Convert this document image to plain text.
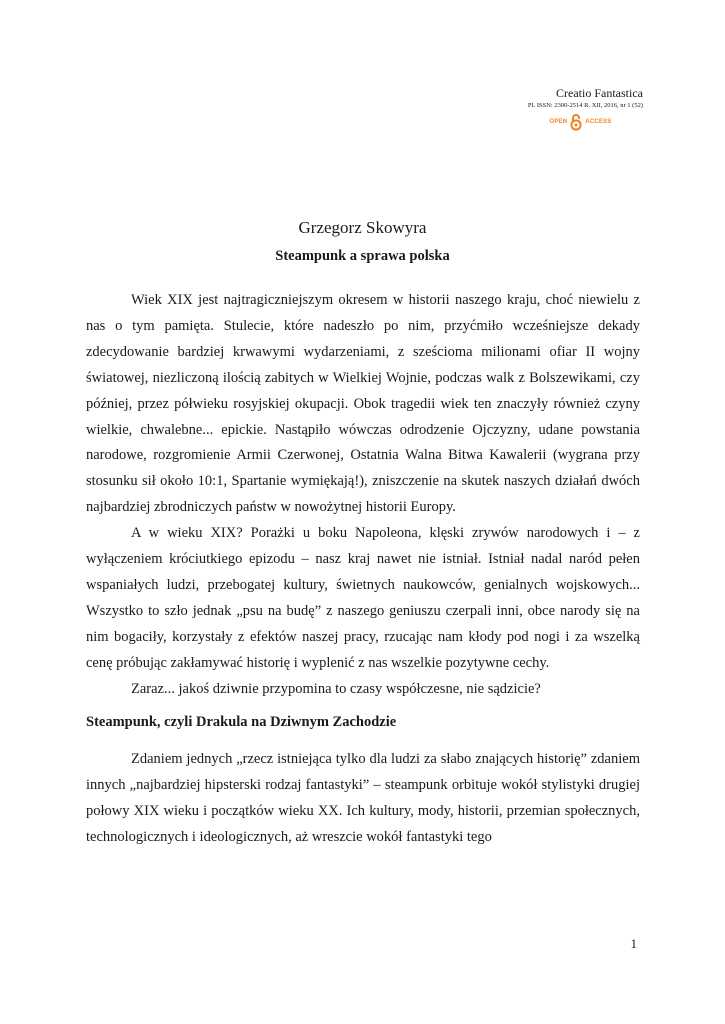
Creatio Fantastica
PL ISSN: 2300-2514 R. XII, 2016, nr 1 (52)
OPEN	ACCESS
Grzegorz Skowyra
Steampunk a sprawa polska

Wiek XIX jest najtragiczniejszym okresem w historii naszego kraju, choć niewielu z nas o tym pamięta. Stulecie, które nadeszło po nim, przyćmiło wcześniejsze dekady zdecydowanie bardziej krwawymi wydarzeniami, z sześcioma milionami ofiar II wojny światowej, niezliczoną ilością zabitych w Wielkiej Wojnie, podczas walk z Bolszewikami, czy później, przez półwieku rosyjskiej okupacji. Obok tragedii wiek ten znaczyły również czyny wielkie, chwalebne... epickie. Nastąpiło wówczas odrodzenie Ojczyzny, udane powstania narodowe, rozgromienie Armii Czerwonej, Ostatnia Walna Bitwa Kawalerii (wygrana przy stosunku sił około 10:1, Spartanie wymiękają!), zniszczenie na skutek naszych działań dwóch najbardziej zbrodniczych państw w nowożytnej historii Europy.

A w wieku XIX? Porażki u boku Napoleona, klęski zrywów narodowych i – z wyłączeniem króciutkiego epizodu – nasz kraj nawet nie istniał. Istniał nadal naród pełen wspaniałych ludzi, przebogatej kultury, świetnych naukowców, genialnych wojskowych... Wszystko to szło jednak „psu na budę” z naszego geniuszu czerpali inni, obce narody się na nim bogaciły, korzystały z efektów naszej pracy, rzucając nam kłody pod nogi i za wszelką cenę próbując zakłamywać historię i wyplenić z nas wszelkie pozytywne cechy.

Zaraz... jakoś dziwnie przypomina to czasy współczesne, nie sądzicie?

Steampunk, czyli Drakula na Dziwnym Zachodzie

Zdaniem jednych „rzecz istniejąca tylko dla ludzi za słabo znających historię” zdaniem innych „najbardziej hipsterski rodzaj fantastyki” – steampunk orbituje wokół stylistyki drugiej połowy XIX wieku i początków wieku XX. Ich kultury, mody, historii, przemian społecznych, technologicznych i ideologicznych, aż wreszcie wokół fantastyki tego

1
